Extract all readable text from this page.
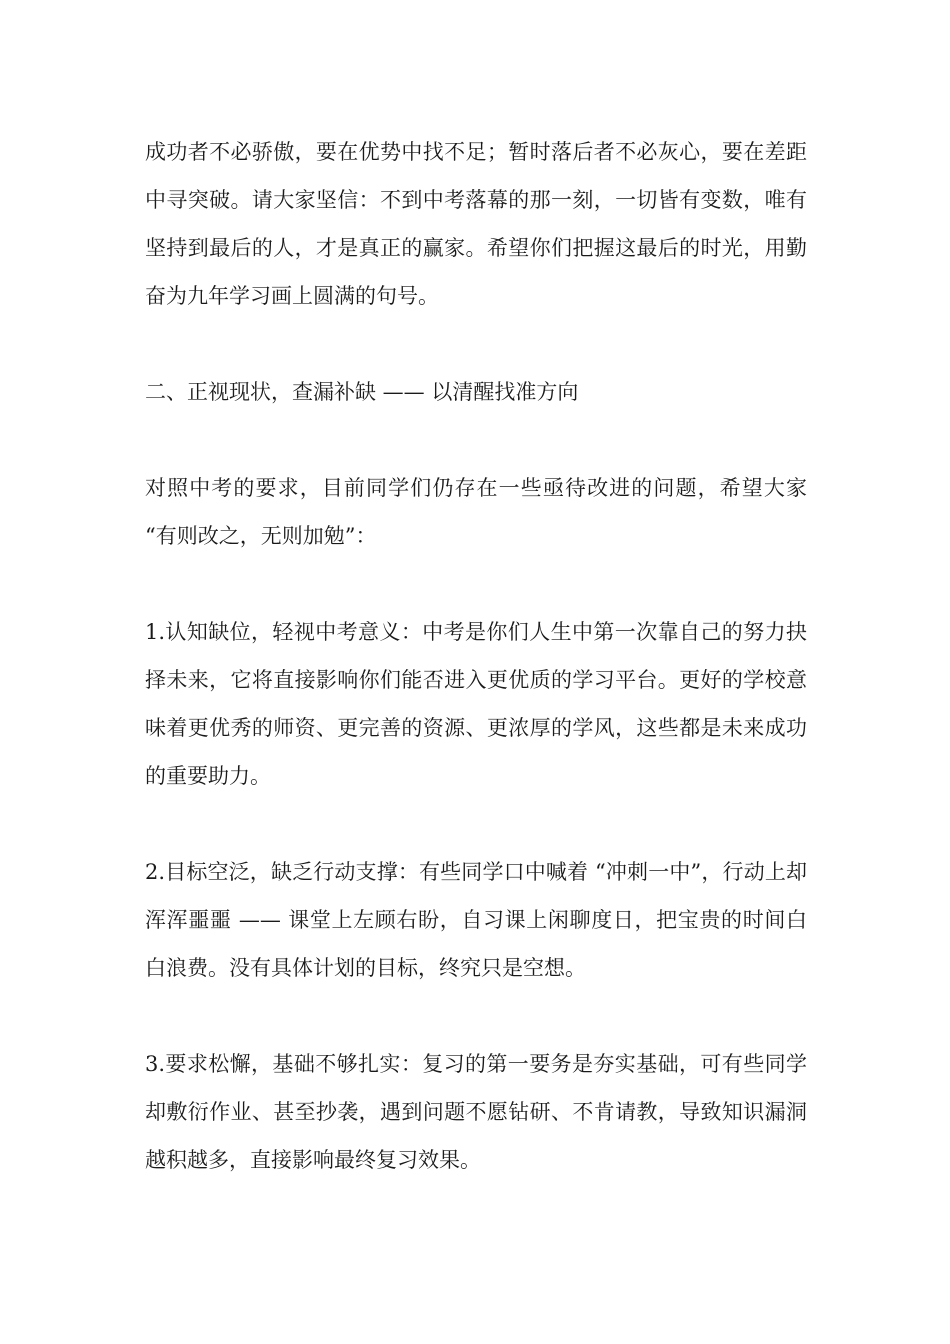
成功者不必骄傲，要在优势中找不足；暂时落后者不必灰心，要在差距中寻突破。请大家坚信：不到中考落幕的那一刻，一切皆有变数，唯有坚持到最后的人，才是真正的赢家。希望你们把握这最后的时光，用勤奋为九年学习画上圆满的句号。

二、正视现状，查漏补缺 —— 以清醒找准方向

对照中考的要求，目前同学们仍存在一些亟待改进的问题，希望大家 “有则改之，无则加勉”：

1.认知缺位，轻视中考意义：中考是你们人生中第一次靠自己的努力抉择未来，它将直接影响你们能否进入更优质的学习平台。更好的学校意味着更优秀的师资、更完善的资源、更浓厚的学风，这些都是未来成功的重要助力。

2.目标空泛，缺乏行动支撑：有些同学口中喊着 “冲刺一中”，行动上却浑浑噩噩 —— 课堂上左顾右盼，自习课上闲聊度日，把宝贵的时间白白浪费。没有具体计划的目标，终究只是空想。

3.要求松懈，基础不够扎实：复习的第一要务是夯实基础，可有些同学却敷衍作业、甚至抄袭，遇到问题不愿钻研、不肯请教，导致知识漏洞越积越多，直接影响最终复习效果。
